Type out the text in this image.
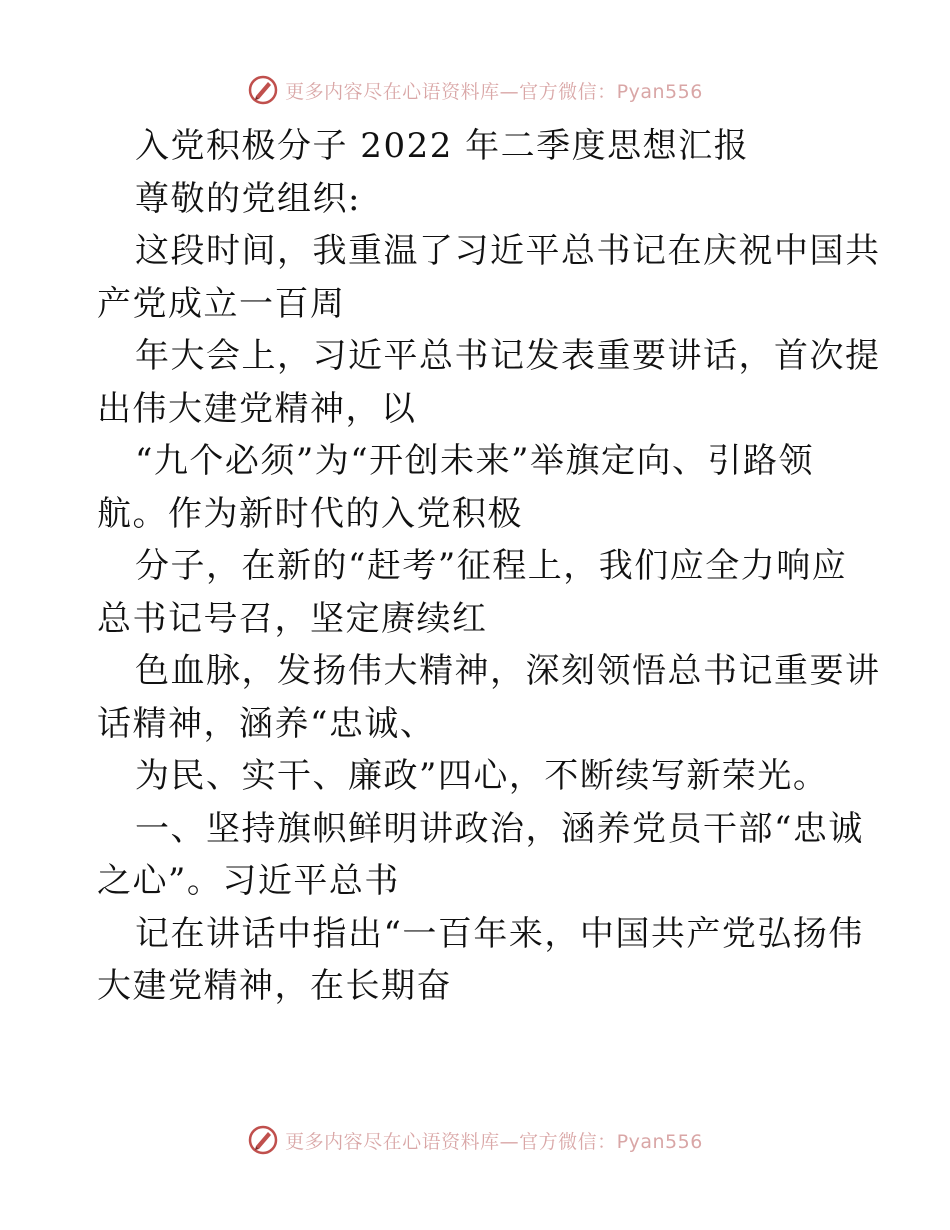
更多内容尽在心语资料库—官方微信：Pyan556
入党积极分子 2022 年二季度思想汇报
尊敬的党组织:
这段时间，我重温了习近平总书记在庆祝中国共
产党成立一百周
年大会上，习近平总书记发表重要讲话，首次提
出伟大建党精神，以
“九个必须”为“开创未来”举旗定向、引路领
航。作为新时代的入党积极
分子，在新的“赶考”征程上，我们应全力响应
总书记号召，坚定赓续红
色血脉，发扬伟大精神，深刻领悟总书记重要讲
话精神，涵养“忠诚、
为民、实干、廉政”四心，不断续写新荣光。
一、坚持旗帜鲜明讲政治，涵养党员干部“忠诚
之心”。习近平总书
记在讲话中指出“一百年来，中国共产党弘扬伟
大建党精神，在长期奋
更多内容尽在心语资料库—官方微信：Pyan556
